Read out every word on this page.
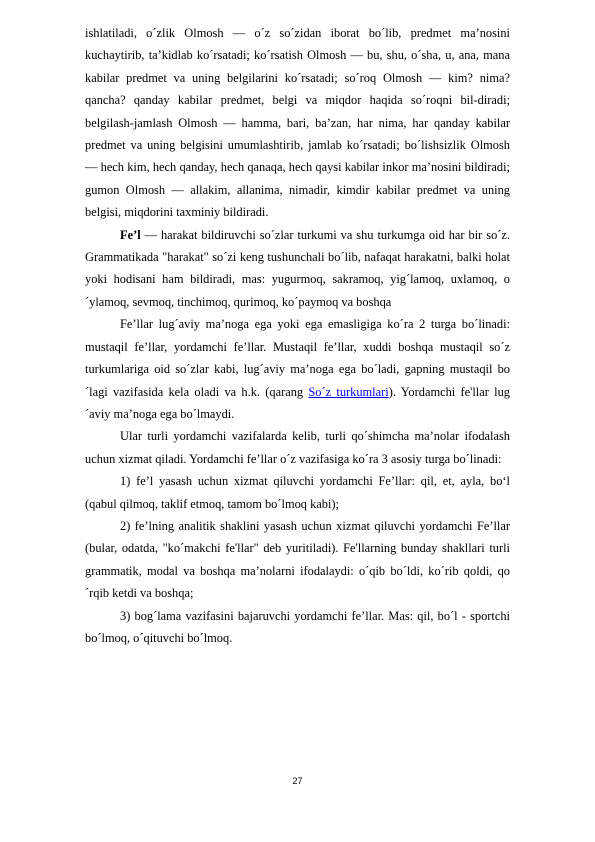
ishlatiladi, o´zlik Olmosh — o´z so´zidan iborat bo´lib, predmet ma’nosini kuchaytirib, ta’kidlab ko´rsatadi; ko´rsatish Olmosh — bu, shu, o´sha, u, ana, mana kabilar predmet va uning belgilarini ko´rsatadi; so´roq Olmosh — kim? nima? qancha? qanday kabilar predmet, belgi va miqdor haqida so´roqni bil-diradi; belgilash-jamlash Olmosh — hamma, bari, ba’zan, har nima, har qanday kabilar predmet va uning belgisini umumlashtirib, jamlab ko´rsatadi; bo´lishsizlik Olmosh — hech kim, hech qanday, hech qanaqa, hech qaysi kabilar inkor ma’nosini bildiradi; gumon Olmosh — allakim, allanima, nimadir, kimdir kabilar predmet va uning belgisi, miqdorini taxminiy bildiradi.

Fe’l — harakat bildiruvchi so´zlar turkumi va shu turkumga oid har bir so´z. Grammatikada "harakat" so´zi keng tushunchali bo´lib, nafaqat harakatni, balki holat yoki hodisani ham bildiradi, mas: yugurmoq, sakramoq, yig´lamoq, uxlamoq, o´ylamoq, sevmoq, tinchimoq, qurimoq, ko´paymoq va boshqa

Fe’llar lug´aviy ma’noga ega yoki ega emasligiga ko´ra 2 turga bo´linadi: mustaqil fe’llar, yordamchi fe’llar. Mustaqil fe’llar, xuddi boshqa mustaqil so´z turkumlariga oid so´zlar kabi, lug´aviy ma’noga ega bo´ladi, gapning mustaqil bo´lagi vazifasida kela oladi va h.k. (qarang So´z turkumlari). Yordamchi fe'llar lug´aviy ma’noga ega bo´lmaydi.

Ular turli yordamchi vazifalarda kelib, turli qo´shimcha ma’nolar ifodalash uchun xizmat qiladi. Yordamchi fe’llar o´z vazifasiga ko´ra 3 asosiy turga bo´linadi:

1) fe’l yasash uchun xizmat qiluvchi yordamchi Fe’llar: qil, et, ayla, bo‘l (qabul qilmoq, taklif etmoq, tamom bo´lmoq kabi);

2) fe’lning analitik shaklini yasash uchun xizmat qiluvchi yordamchi Fe’llar (bular, odatda, "ko´makchi fe'llar" deb yuritiladi). Fe'llarning bunday shakllari turli grammatik, modal va boshqa ma’nolarni ifodalaydi: o´qib bo´ldi, ko´rib qoldi, qo´rqib ketdi va boshqa;

3) bog´lama vazifasini bajaruvchi yordamchi fe’llar. Mas: qil, bo´l - sportchi bo´lmoq, o´qituvchi bo´lmoq.

27
